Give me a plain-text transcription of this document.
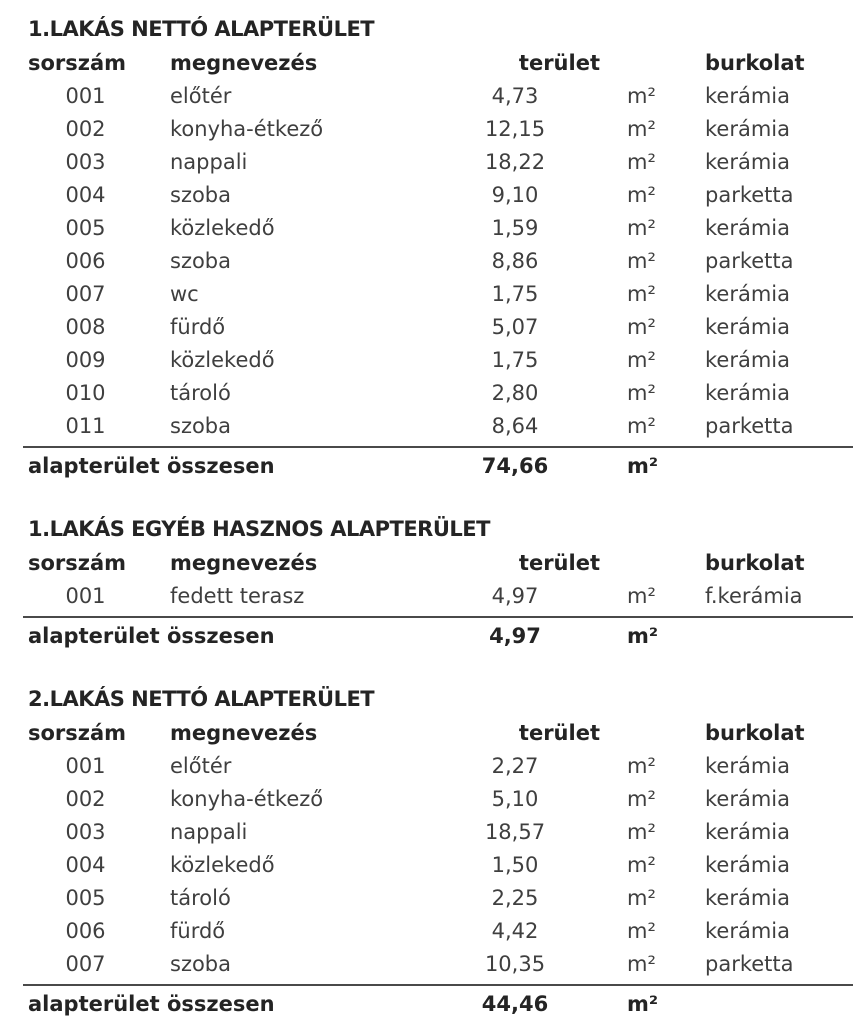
1.LAKÁS NETTÓ ALAPTERÜLET
sorszám	megnevezés	terület	burkolat
001	előtér	4,73	m²	kerámia
002	konyha-étkező	12,15	m²	kerámia
003	nappali	18,22	m²	kerámia
004	szoba	9,10	m²	parketta
005	közlekedő	1,59	m²	kerámia
006	szoba	8,86	m²	parketta
007	wc	1,75	m²	kerámia
008	fürdő	5,07	m²	kerámia
009	közlekedő	1,75	m²	kerámia
010	tároló	2,80	m²	kerámia
011	szoba	8,64	m²	parketta
alapterület összesen	74,66	m²
1.LAKÁS EGYÉB HASZNOS ALAPTERÜLET
sorszám	megnevezés	terület	burkolat
001	fedett terasz	4,97	m²	f.kerámia
alapterület összesen	4,97	m²
2.LAKÁS NETTÓ ALAPTERÜLET
sorszám	megnevezés	terület	burkolat
001	előtér	2,27	m²	kerámia
002	konyha-étkező	5,10	m²	kerámia
003	nappali	18,57	m²	kerámia
004	közlekedő	1,50	m²	kerámia
005	tároló	2,25	m²	kerámia
006	fürdő	4,42	m²	kerámia
007	szoba	10,35	m²	parketta
alapterület összesen	44,46	m²
